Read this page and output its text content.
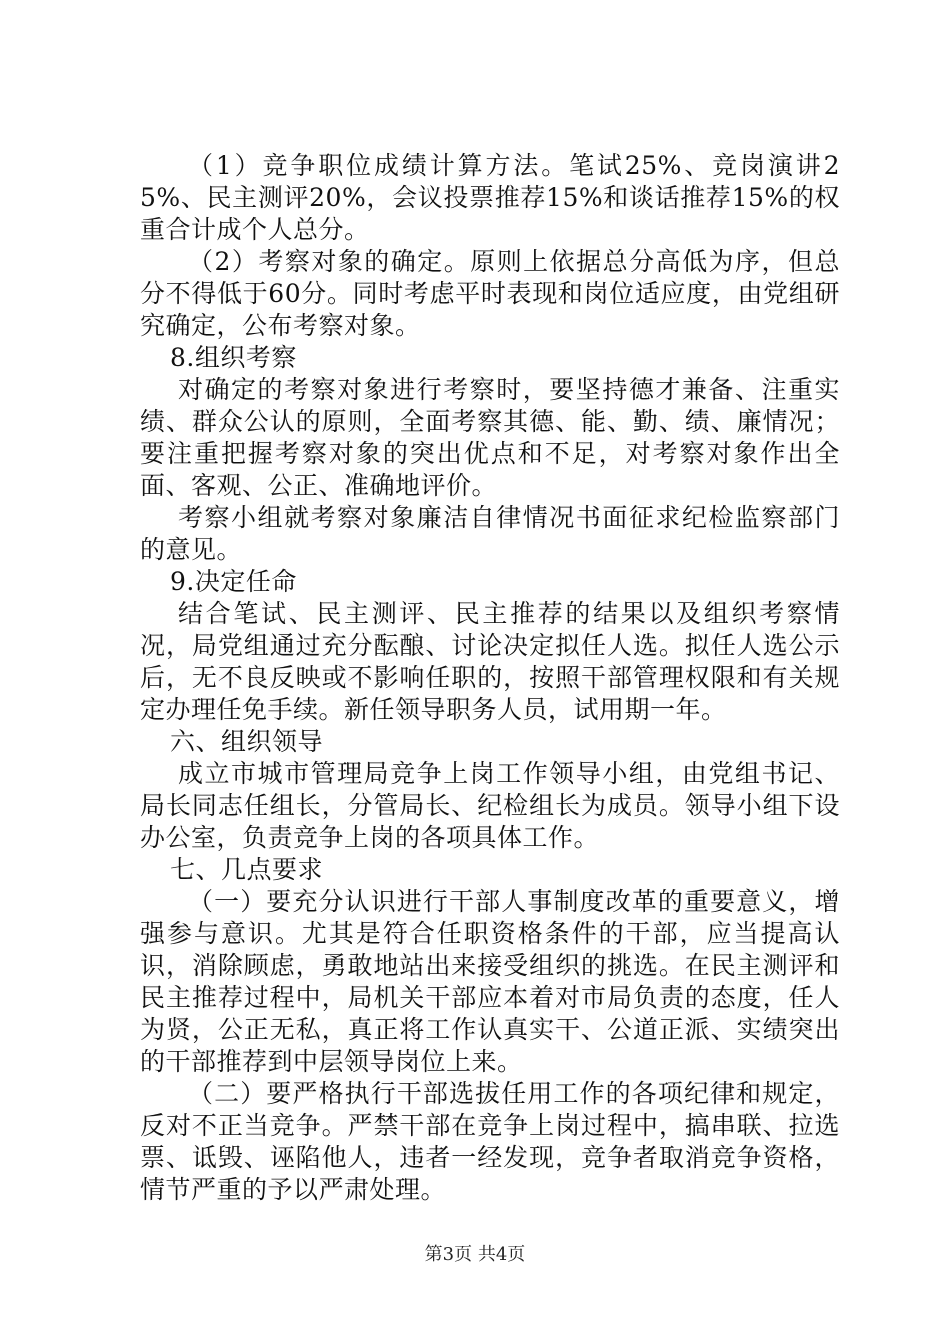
（1）竞争职位成绩计算方法。笔试25%、竞岗演讲25%、民主测评20%，会议投票推荐15%和谈话推荐15%的权重合计成个人总分。

（2）考察对象的确定。原则上依据总分高低为序，但总分不得低于60分。同时考虑平时表现和岗位适应度，由党组研究确定，公布考察对象。

8.组织考察

对确定的考察对象进行考察时，要坚持德才兼备、注重实绩、群众公认的原则，全面考察其德、能、勤、绩、廉情况；要注重把握考察对象的突出优点和不足，对考察对象作出全面、客观、公正、准确地评价。

考察小组就考察对象廉洁自律情况书面征求纪检监察部门的意见。

9.决定任命

结合笔试、民主测评、民主推荐的结果以及组织考察情况，局党组通过充分酝酿、讨论决定拟任人选。拟任人选公示后，无不良反映或不影响任职的，按照干部管理权限和有关规定办理任免手续。新任领导职务人员，试用期一年。

六、组织领导

成立市城市管理局竞争上岗工作领导小组，由党组书记、局长同志任组长，分管局长、纪检组长为成员。领导小组下设办公室，负责竞争上岗的各项具体工作。

七、几点要求

（一）要充分认识进行干部人事制度改革的重要意义，增强参与意识。尤其是符合任职资格条件的干部，应当提高认识，消除顾虑，勇敢地站出来接受组织的挑选。在民主测评和民主推荐过程中，局机关干部应本着对市局负责的态度，任人为贤，公正无私，真正将工作认真实干、公道正派、实绩突出的干部推荐到中层领导岗位上来。

（二）要严格执行干部选拔任用工作的各项纪律和规定，反对不正当竞争。严禁干部在竞争上岗过程中，搞串联、拉选票、诋毁、诬陷他人，违者一经发现，竞争者取消竞争资格，情节严重的予以严肃处理。

第3页 共4页
